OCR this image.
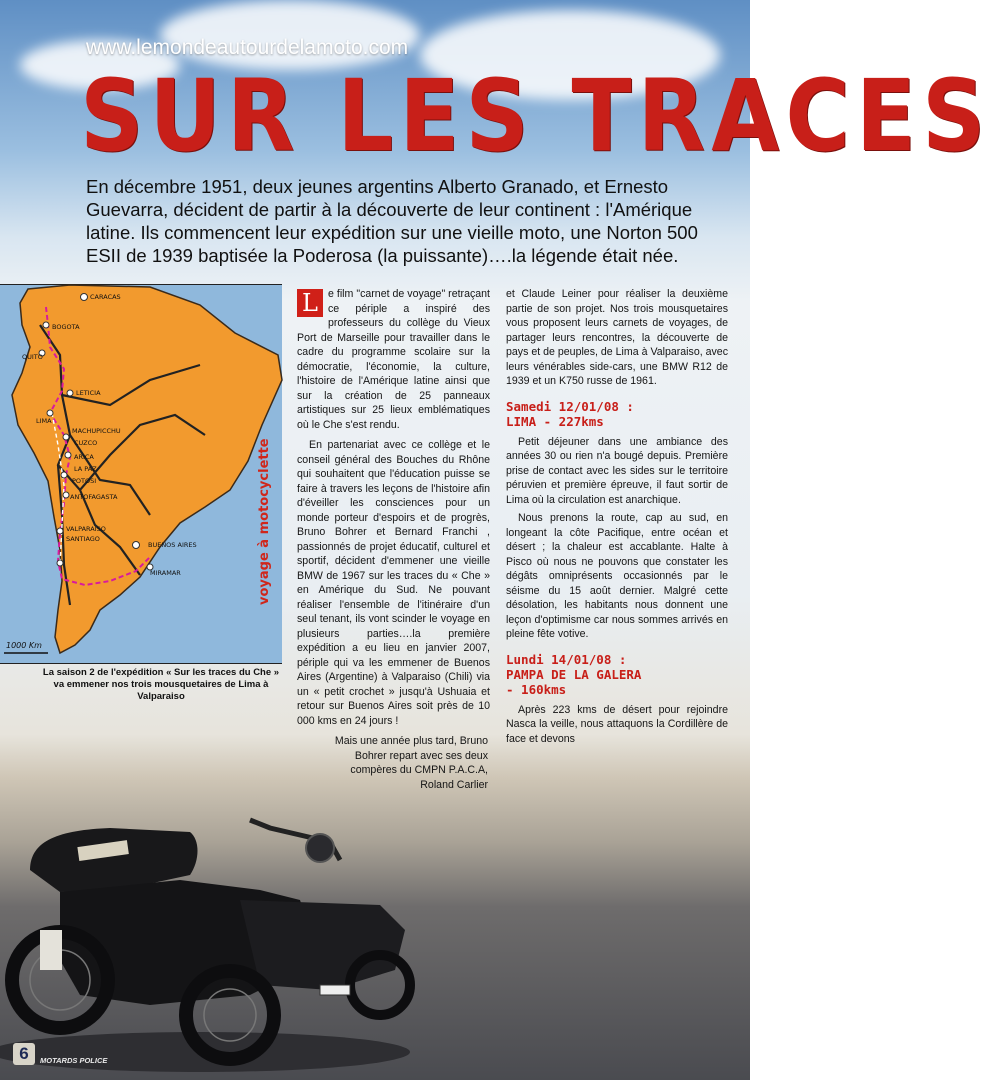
www.lemondeautourdelamoto.com
SUR LES TRACES
En décembre 1951, deux jeunes argentins Alberto Granado, et Ernesto Guevarra, décident de partir à la découverte de leur continent : l'Amérique latine. Ils commencent leur expédition sur une vieille moto, une Norton 500 ESII de 1939 baptisée la Poderosa (la puissante)….la légende était née.
CARACAS
BOGOTA
QUITO
LETICIA
LIMA
MACHUPICCHU
CUZCO
ARICA
LA PAZ
POTOSI
ANTOFAGASTA
VALPARAISO
SANTIAGO
BUENOS AIRES
MIRAMAR	voyage à motocyclette
1000 Km
La saison 2 de l'expédition « Sur les traces du Che » va emmener nos trois mousquetaires de Lima à Valparaiso

L e film "carnet de voyage" retraçant ce périple a inspiré des professeurs du collège du Vieux Port de Marseille pour travailler dans le cadre du programme scolaire sur la démocratie, l'économie, la culture, l'histoire de l'Amérique latine ainsi que sur la création de 25 panneaux artistiques sur 25 lieux emblématiques où le Che s'est rendu.

En partenariat avec ce collège et le conseil général des Bouches du Rhône qui souhaitent que l'éducation puisse se faire à travers les leçons de l'histoire afin d'éveiller les consciences pour un monde porteur d'espoirs et de progrès, Bruno Bohrer et Bernard Franchi , passionnés de projet éducatif, culturel et sportif, décident d'emmener une vieille BMW de 1967 sur les traces du « Che » en Amérique du Sud. Ne pouvant réaliser l'ensemble de l'itinéraire d'un seul tenant, ils vont scinder le voyage en plusieurs parties….la première expédition a eu lieu en janvier 2007, périple qui va les emmener de Buenos Aires (Argentine) à Valparaiso (Chili) via un « petit crochet » jusqu'à Ushuaia et retour sur Buenos Aires soit près de 10 000 kms en 24 jours !

Mais une année plus tard, Bruno Bohrer repart avec ses deux compères du CMPN P.A.C.A, Roland Carlier

et Claude Leiner pour réaliser la deuxième partie de son projet. Nos trois mousquetaires vous proposent leurs carnets de voyages, de partager leurs rencontres, la découverte de pays et de peuples, de Lima à Valparaiso, avec leurs vénérables side-cars, une BMW R12 de 1939 et un K750 russe de 1961.

Samedi 12/01/08 :
LIMA - 227kms

Petit déjeuner dans une ambiance des années 30 ou rien n'a bougé depuis. Première prise de contact avec les sides sur le territoire péruvien et première épreuve, il faut sortir de Lima où la circulation est anarchique.

Nous prenons la route, cap au sud, en longeant la côte Pacifique, entre océan et désert ; la chaleur est accablante. Halte à Pisco où nous ne pouvons que constater les dégâts omniprésents occasionnés par le séisme du 15 août dernier. Malgré cette désolation, les habitants nous donnent une leçon d'optimisme car nous sommes arrivés en pleine fête votive.

Lundi 14/01/08 :
PAMPA DE LA GALERA
- 160kms

Après 223 kms de désert pour rejoindre Nasca la veille, nous attaquons la Cordillère de face et devons

6	MOTARDS POLICE
